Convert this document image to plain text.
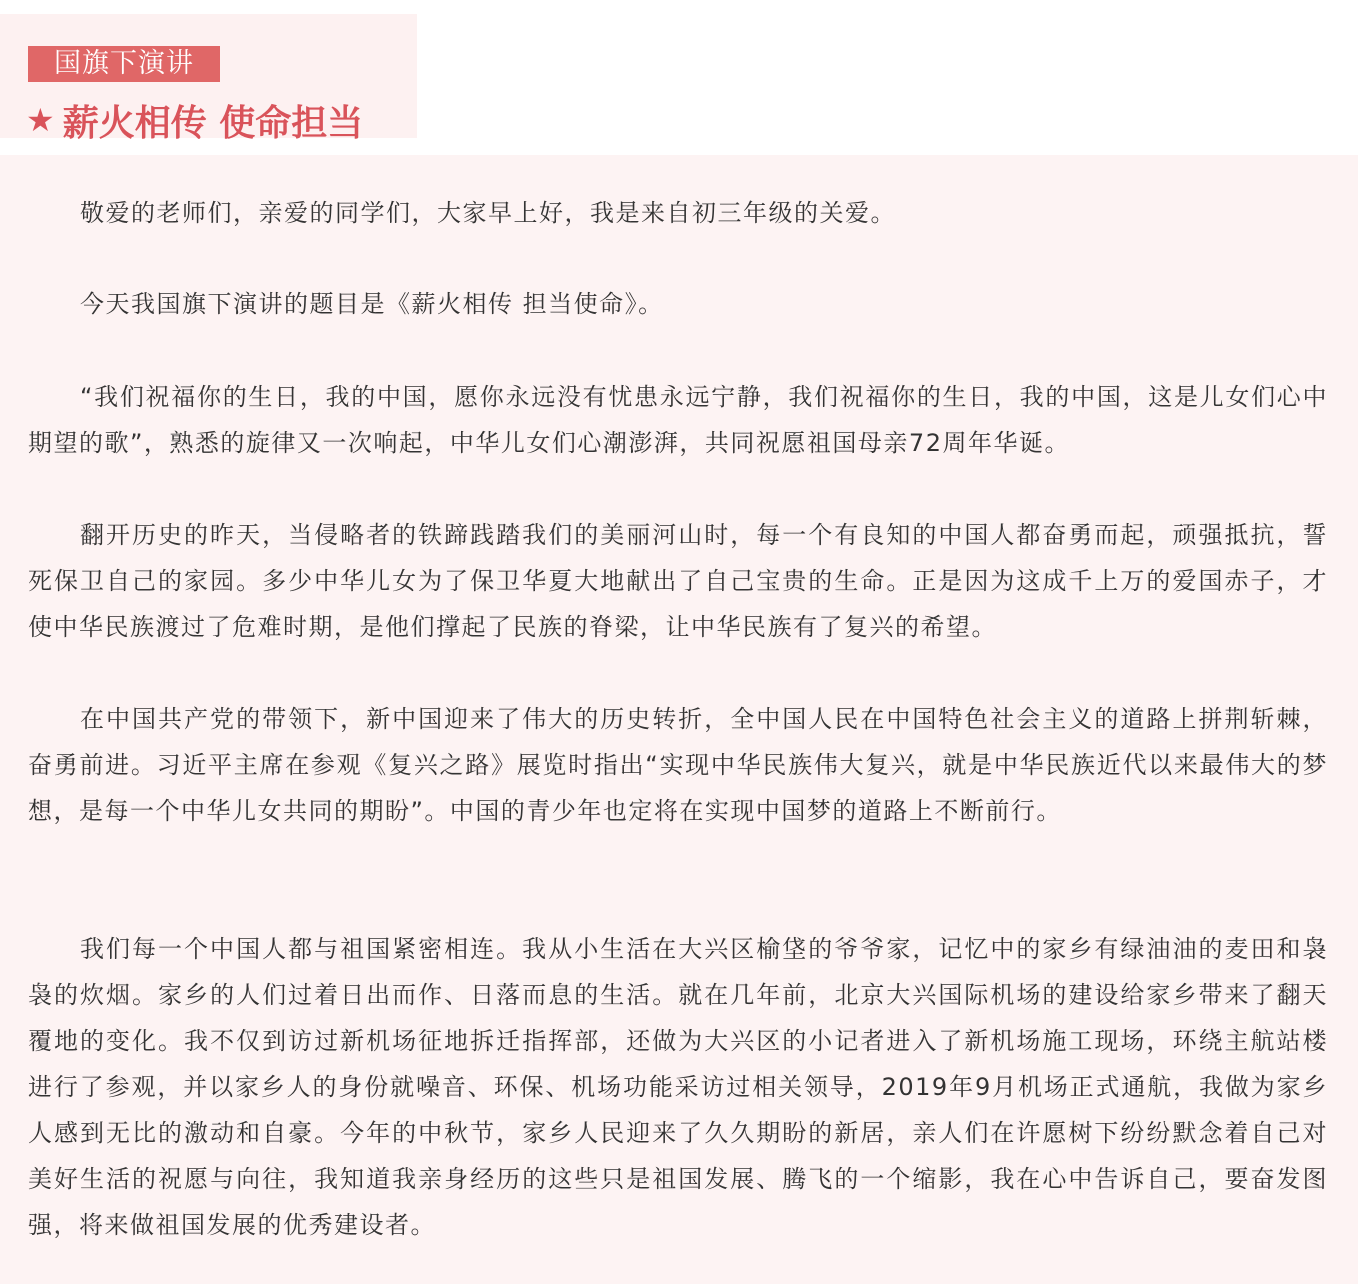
国旗下演讲
★ 薪火相传 使命担当

敬爱的老师们，亲爱的同学们，大家早上好，我是来自初三年级的关爱。

今天我国旗下演讲的题目是《薪火相传 担当使命》。

“我们祝福你的生日，我的中国，愿你永远没有忧患永远宁静，我们祝福你的生日，我的中国，这是儿女们心中期望的歌”，熟悉的旋律又一次响起，中华儿女们心潮澎湃，共同祝愿祖国母亲72周年华诞。

翻开历史的昨天，当侵略者的铁蹄践踏我们的美丽河山时，每一个有良知的中国人都奋勇而起，顽强抵抗，誓死保卫自己的家园。多少中华儿女为了保卫华夏大地献出了自己宝贵的生命。正是因为这成千上万的爱国赤子，才使中华民族渡过了危难时期，是他们撑起了民族的脊梁，让中华民族有了复兴的希望。

在中国共产党的带领下，新中国迎来了伟大的历史转折，全中国人民在中国特色社会主义的道路上拼荆斩棘，奋勇前进。习近平主席在参观《复兴之路》展览时指出“实现中华民族伟大复兴，就是中华民族近代以来最伟大的梦想，是每一个中华儿女共同的期盼”。中国的青少年也定将在实现中国梦的道路上不断前行。

我们每一个中国人都与祖国紧密相连。我从小生活在大兴区榆垡的爷爷家，记忆中的家乡有绿油油的麦田和袅袅的炊烟。家乡的人们过着日出而作、日落而息的生活。就在几年前，北京大兴国际机场的建设给家乡带来了翻天覆地的变化。我不仅到访过新机场征地拆迁指挥部，还做为大兴区的小记者进入了新机场施工现场，环绕主航站楼进行了参观，并以家乡人的身份就噪音、环保、机场功能采访过相关领导，2019年9月机场正式通航，我做为家乡人感到无比的激动和自豪。今年的中秋节，家乡人民迎来了久久期盼的新居，亲人们在许愿树下纷纷默念着自己对美好生活的祝愿与向往，我知道我亲身经历的这些只是祖国发展、腾飞的一个缩影，我在心中告诉自己，要奋发图强，将来做祖国发展的优秀建设者。
